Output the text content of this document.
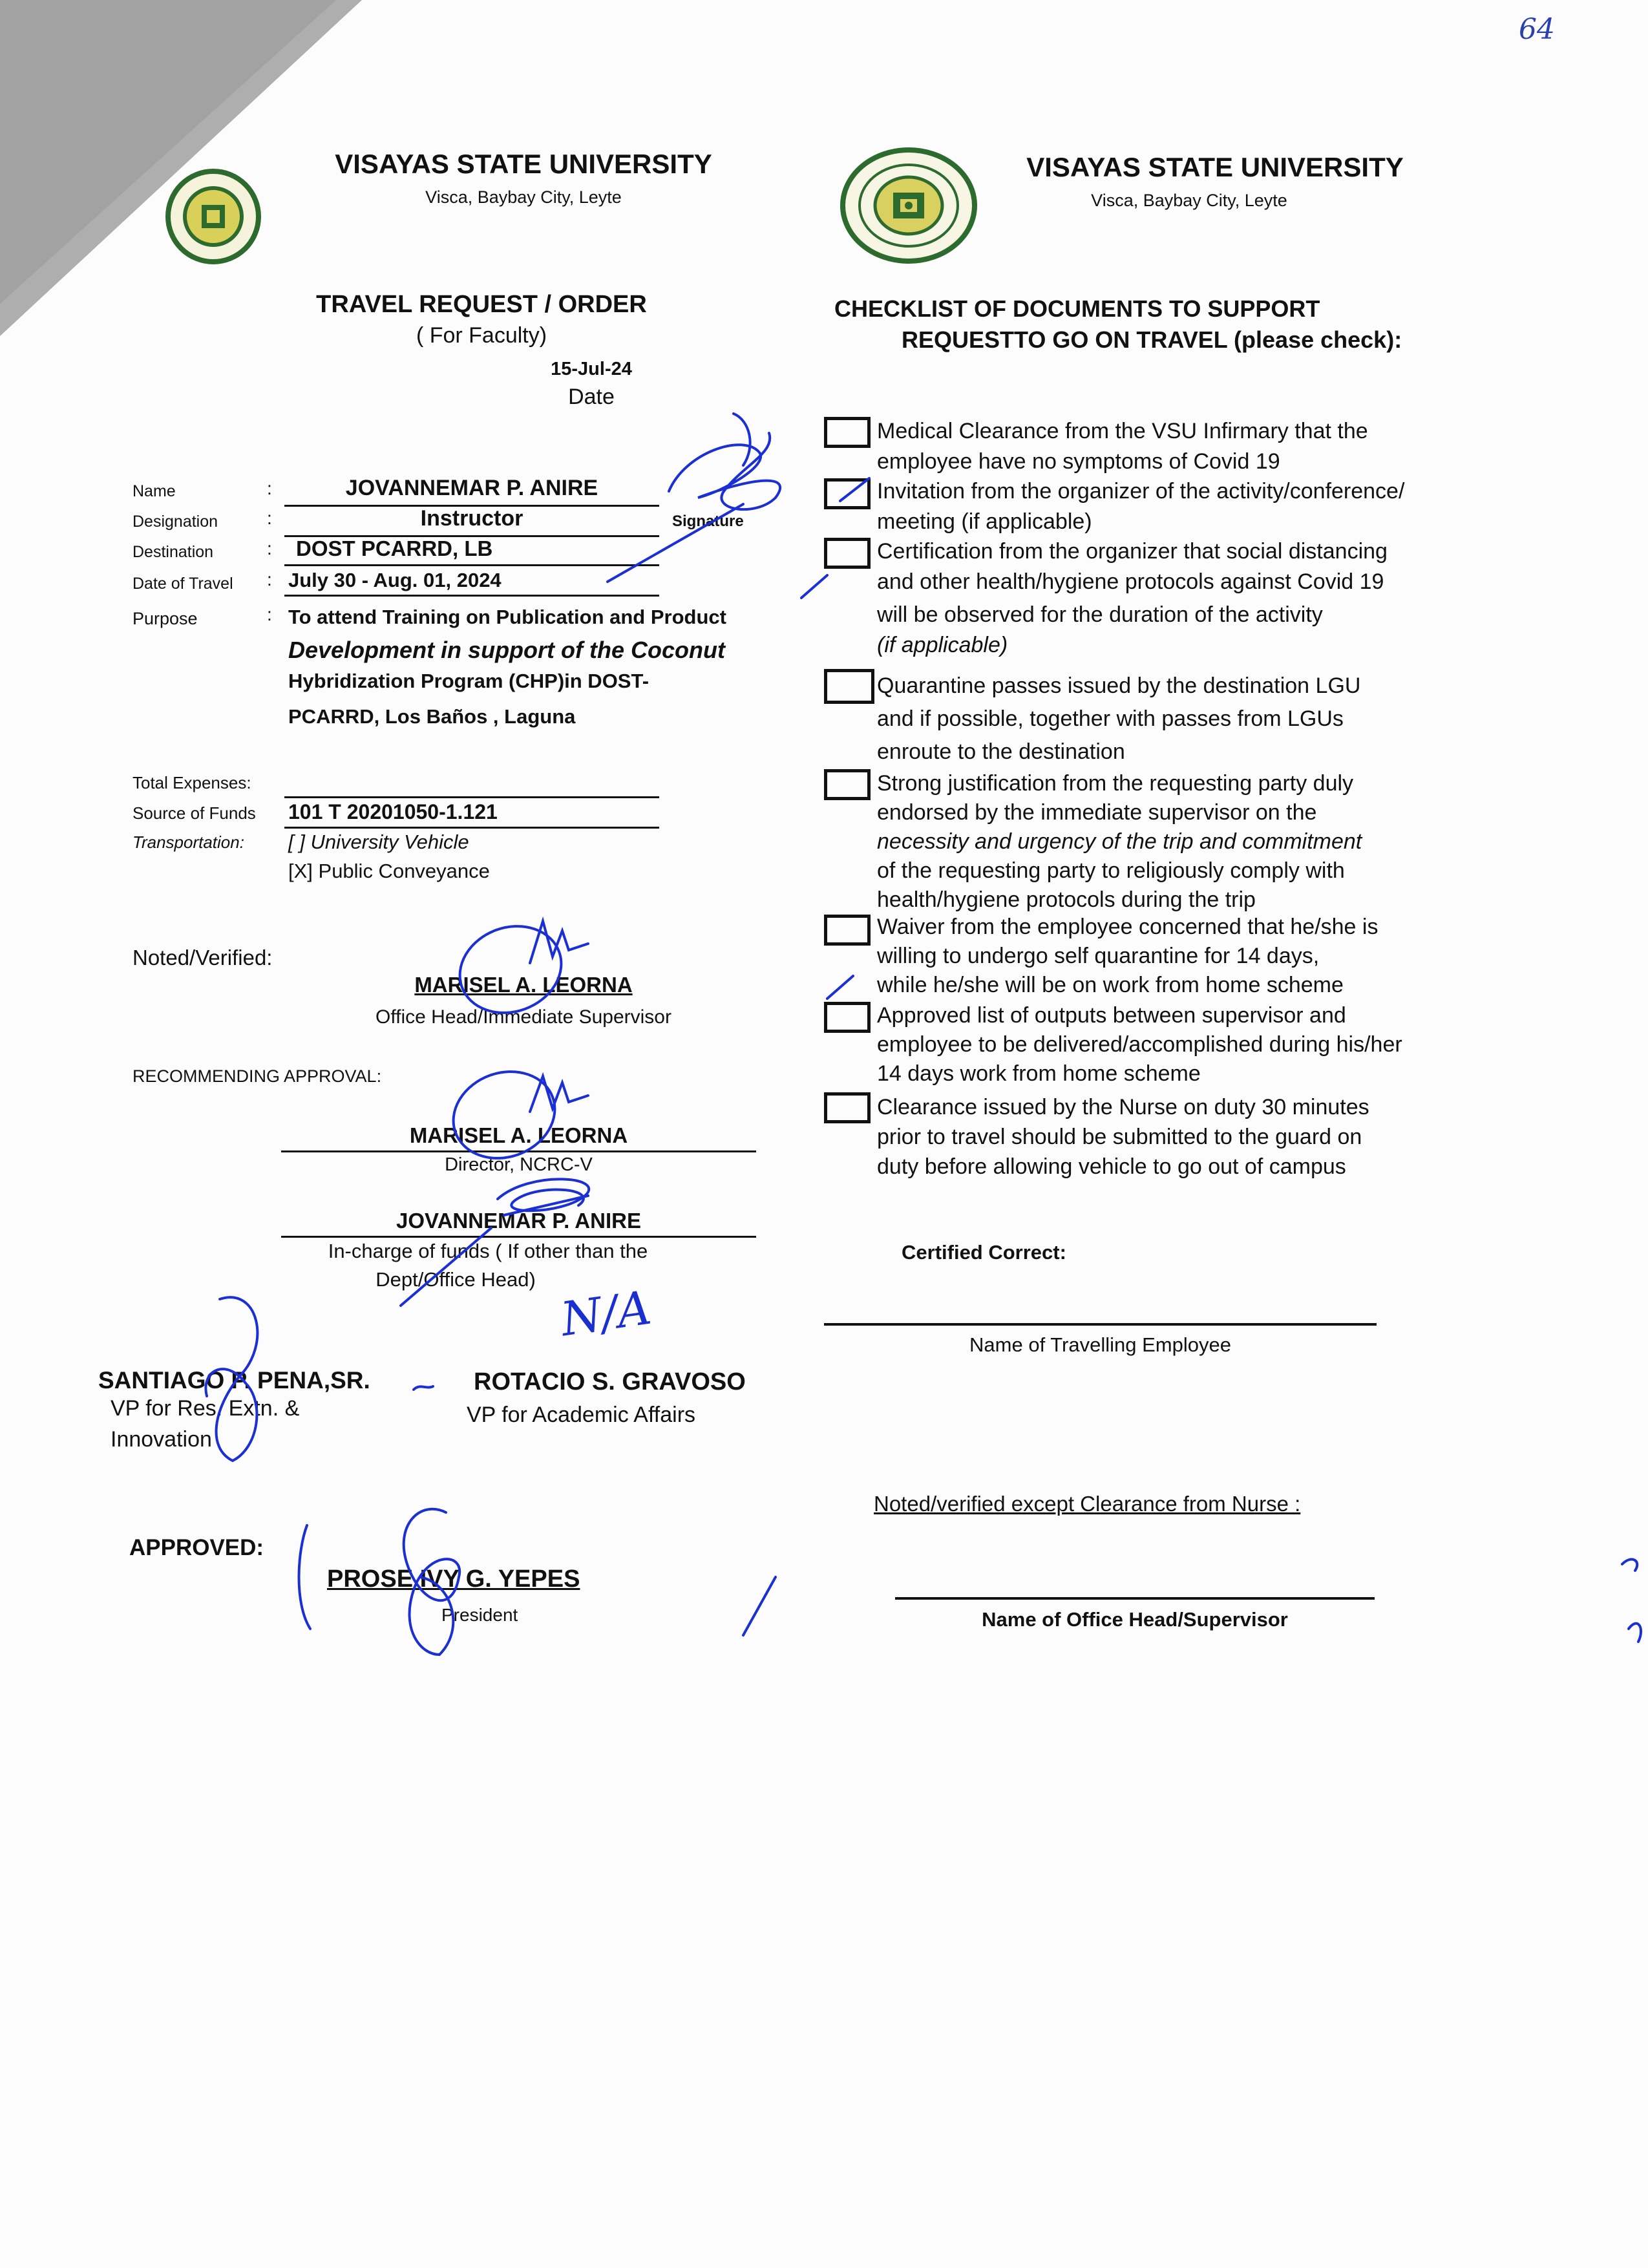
64
VISAYAS STATE UNIVERSITY
Visca, Baybay City, Leyte
TRAVEL REQUEST / ORDER
( For Faculty)
15-Jul-24
Date
Name	:	JOVANNEMAR P. ANIRE
Signature
Designation	:	Instructor
Destination	: DOST PCARRD, LB
Date of Travel : July 30 - Aug. 01, 2024
Purpose	: To attend Training on Publication and Product
Development in support of the Coconut
Hybridization Program (CHP)in DOST-
PCARRD, Los Baños , Laguna
Total Expenses:
Source of Funds 101 T 20201050-1.121
Transportation: [ ] University Vehicle
[X] Public Conveyance
Noted/Verified:
MARISEL A. LEORNA
Office Head/Immediate Supervisor
RECOMMENDING APPROVAL:
MARISEL A. LEORNA
Director, NCRC-V
JOVANNEMAR P. ANIRE
In-charge of funds ( If other than the
Dept/Office Head)
SANTIAGO P. PENA,SR.
VP for Res. Extn. &
Innovation
ROTACIO S. GRAVOSO
VP for Academic Affairs
N/A
APPROVED:
PROSE IVY G. YEPES
President
VISAYAS STATE UNIVERSITY
Visca, Baybay City, Leyte
CHECKLIST OF DOCUMENTS TO SUPPORT
REQUESTTO GO ON TRAVEL (please check):
Medical Clearance from the VSU Infirmary that the
employee have no symptoms of Covid 19
Invitation from the organizer of the activity/conference/
meeting (if applicable)
Certification from the organizer that social distancing
and other health/hygiene protocols against Covid 19
will be observed for the duration of the activity
(if applicable)
Quarantine passes issued by the destination LGU
and if possible, together with passes from LGUs
enroute to the destination
Strong justification from the requesting party duly
endorsed by the immediate supervisor on the
necessity and urgency of the trip and commitment
of the requesting party to religiously comply with
health/hygiene protocols during the trip
Waiver from the employee concerned that he/she is
willing to undergo self quarantine for 14 days,
while he/she will be on work from home scheme
Approved list of outputs between supervisor and
employee to be delivered/accomplished during his/her
14 days work from home scheme
Clearance issued by the Nurse on duty 30 minutes
prior to travel should be submitted to the guard on
duty before allowing vehicle to go out of campus
Certified Correct:
Name of Travelling Employee
Noted/verified except Clearance from Nurse :
Name of Office Head/Supervisor
